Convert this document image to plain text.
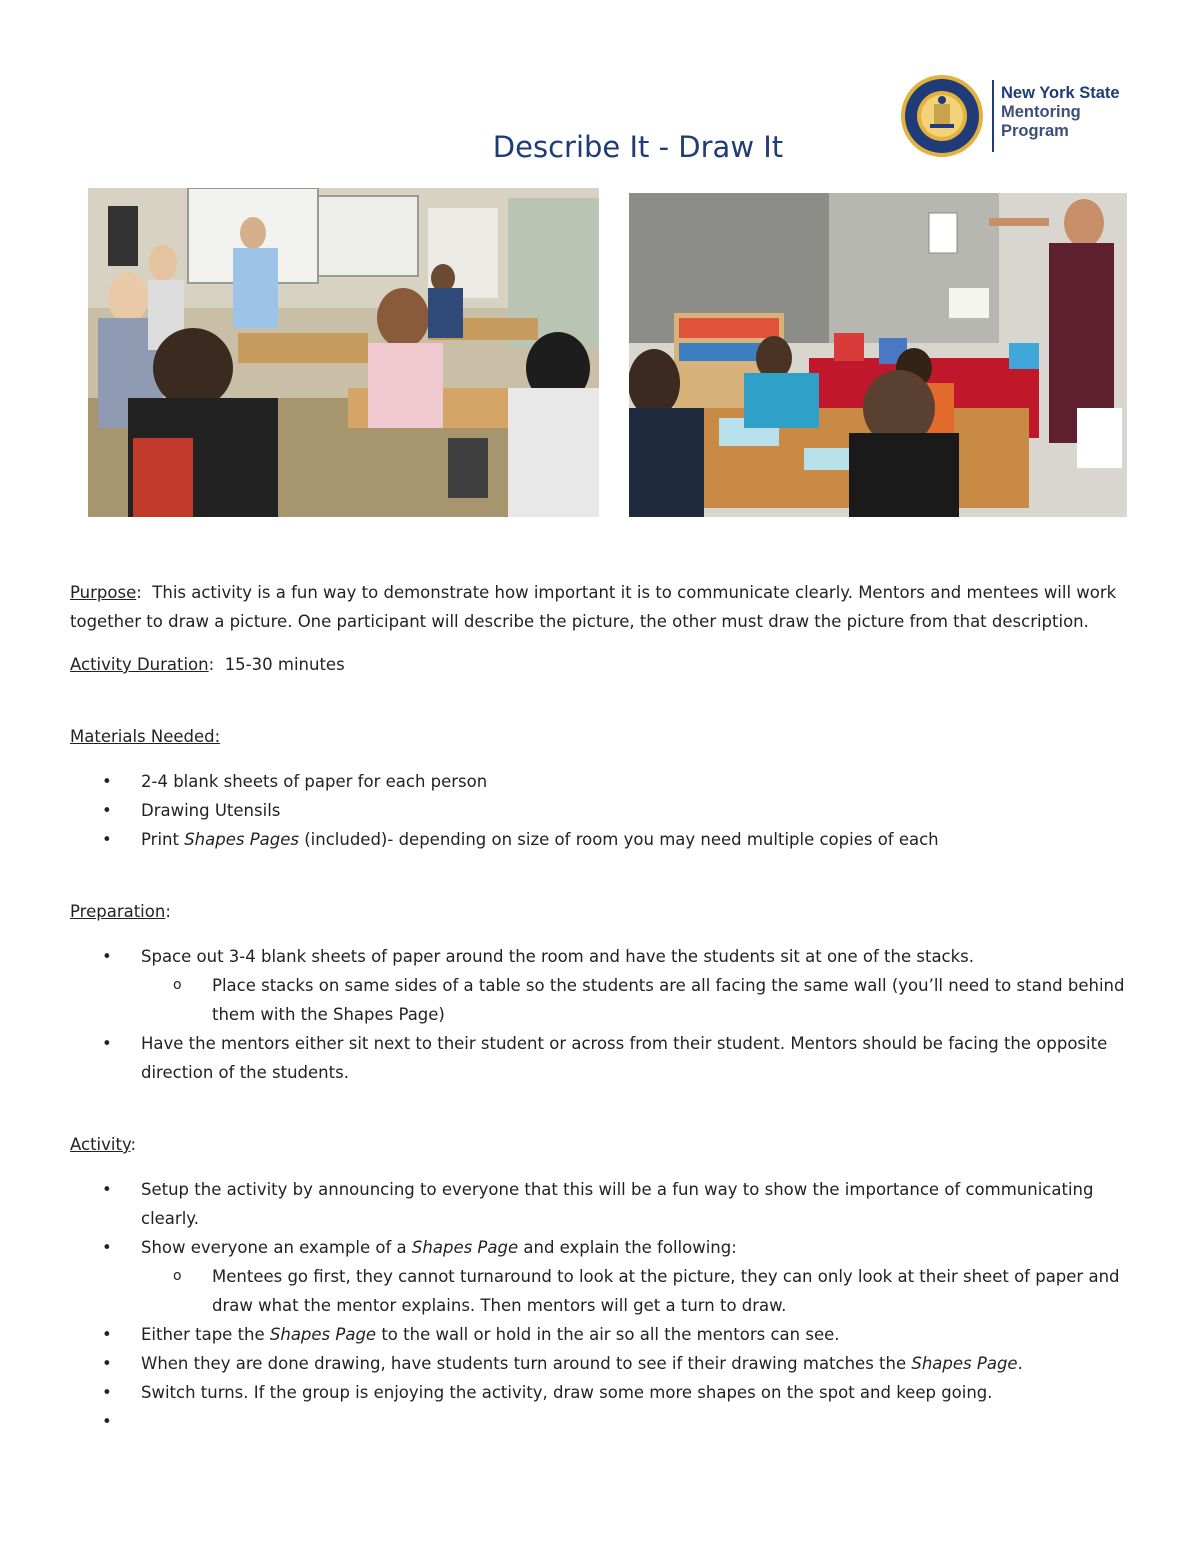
New York State
Mentoring
Program
Describe It - Draw It

Purpose:  This activity is a fun way to demonstrate how important it is to communicate clearly. Mentors and mentees will work together to draw a picture. One participant will describe the picture, the other must draw the picture from that description.

Activity Duration:  15-30 minutes

Materials Needed:

• 2-4 blank sheets of paper for each person
• Drawing Utensils
• Print Shapes Pages (included)- depending on size of room you may need multiple copies of each

Preparation:

• Space out 3-4 blank sheets of paper around the room and have the students sit at one of the stacks.
o Place stacks on same sides of a table so the students are all facing the same wall (you’ll need to stand behind them with the Shapes Page)
• Have the mentors either sit next to their student or across from their student. Mentors should be facing the opposite direction of the students.

Activity:

• Setup the activity by announcing to everyone that this will be a fun way to show the importance of communicating clearly.
• Show everyone an example of a Shapes Page and explain the following:
o Mentees go first, they cannot turnaround to look at the picture, they can only look at their sheet of paper and draw what the mentor explains. Then mentors will get a turn to draw.
• Either tape the Shapes Page to the wall or hold in the air so all the mentors can see.
• When they are done drawing, have students turn around to see if their drawing matches the Shapes Page.
• Switch turns. If the group is enjoying the activity, draw some more shapes on the spot and keep going.
•
